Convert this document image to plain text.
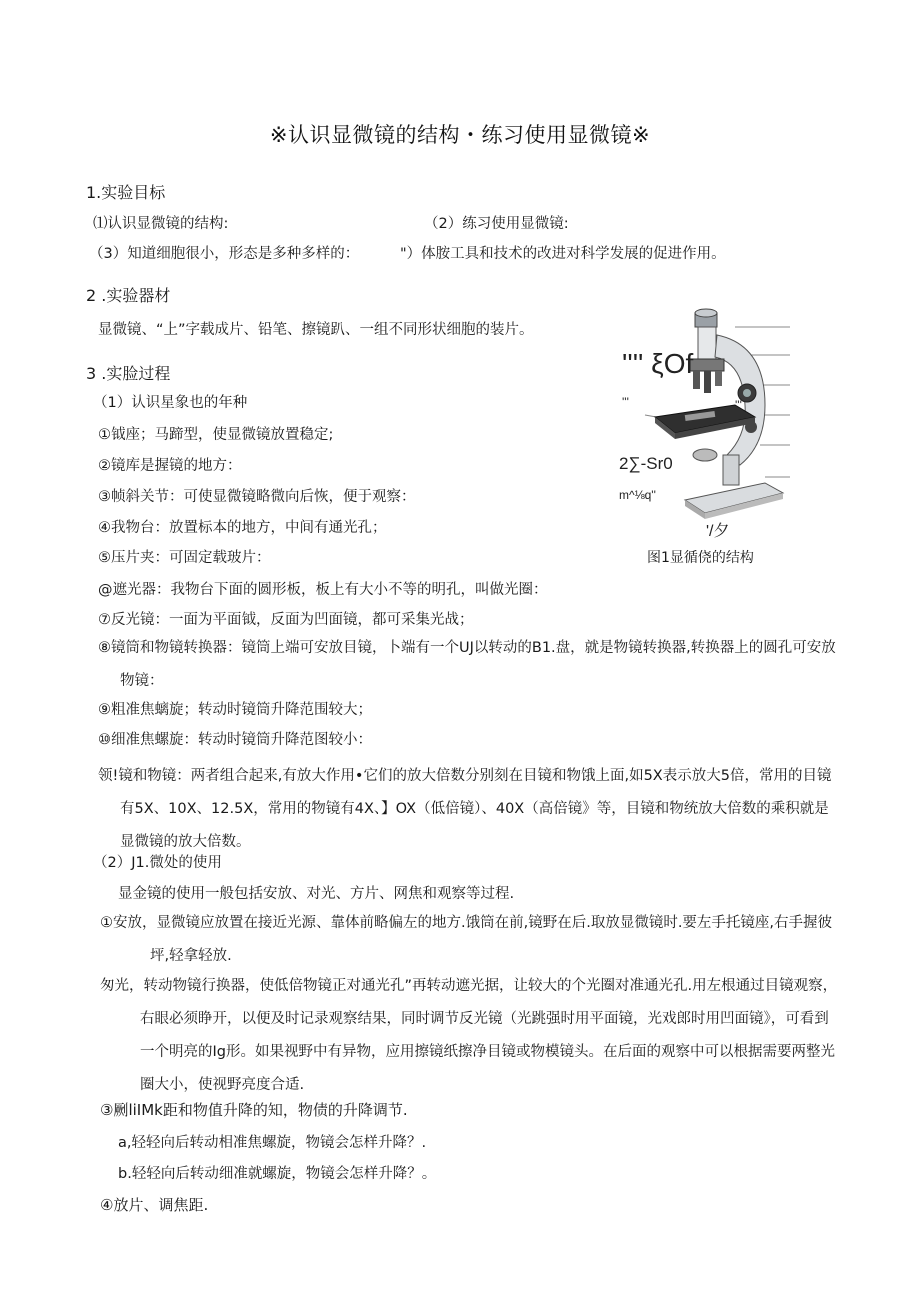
※认识显微镜的结构・练习使用显微镜※
1.实验目标
⑴认识显微镜的结构:	（2）练习使用显微镜:
（3）知道细胞很小，形态是多种多样的：	"）体胺工具和技术的改进对科学发展的促进作用。
2 .实验器材
显微镜、“上”字载成片、铅笔、擦镜趴、一组不同形状细胞的装片。
3 .实脸过程
（1）认识星象也的年种
①钺座；马蹄型，使显微镜放置稳定;
②镜库是握镜的地方：
③帧斜关节：可使显微镜略微向后恢，便于观察：
④我物台：放置标本的地方，中间有通光孔；
⑤压片夹：可固定载玻片：
@遮光器：我物台下面的圆形板，板上有大小不等的明孔，叫做光圈：
⑦反光镜：一面为平面钺，反面为凹面镜，都可采集光战；
⑧镜筒和物镜转换器：镜筒上端可安放目镜，卜端有一个UJ以转动的B1.盘，就是物镜转换器,转换器上的圆孔可安放物镜：
⑨粗准焦螭旋；转动时镜筒升降范围较大；
⑩细准焦螺旋：转动时镜筒升降范图较小：
领!镜和物镜：两者组合起来,有放大作用•它们的放大倍数分别刻在目镜和物饿上面,如5X表示放大5倍，常用的目镜有5X、10X、12.5X，常用的物镜有4X、】OX（低倍镜）、40X（高倍镜》等，目镜和物统放大倍数的乘积就是显微镜的放大倍数。
（2）J1.微处的使用
显金镜的使用一般包括安放、对光、方片、网焦和观察等过程.
①安放，显微镜应放置在接近光源、靠体前略偏左的地方.饿筒在前,镜野在后.取放显微镜时.要左手托镜座,右手握彼坪,轻拿轻放.
匆光，转动物镜行换器，使低倍物镜正对通光孔”再转动遮光据，让较大的个光圈对准通光孔.用左根通过目镜观察，右眼必须睁开，以便及时记录观察结果，同时调节反光镜（光跳强时用平面镜，光戏郎时用凹面镜》，可看到一个明亮的Ig形。如果视野中有异物，应用擦镜纸擦净目镜或物模镜头。在后面的观察中可以根据需要两整光圈大小，使视野亮度合适.
③劂liIMk距和物值升降的知，物债的升降调节.
a,轻轻向后转动相准焦螺旋，物镜会怎样升降？.
b.轻轻向后转动细准就螺旋，物镜会怎样升降？。
④放片、调焦距.
'''' ξOf
'''	'''
2∑-Sr0
m^⅛q''
'/夕
图1显循侥的结构
